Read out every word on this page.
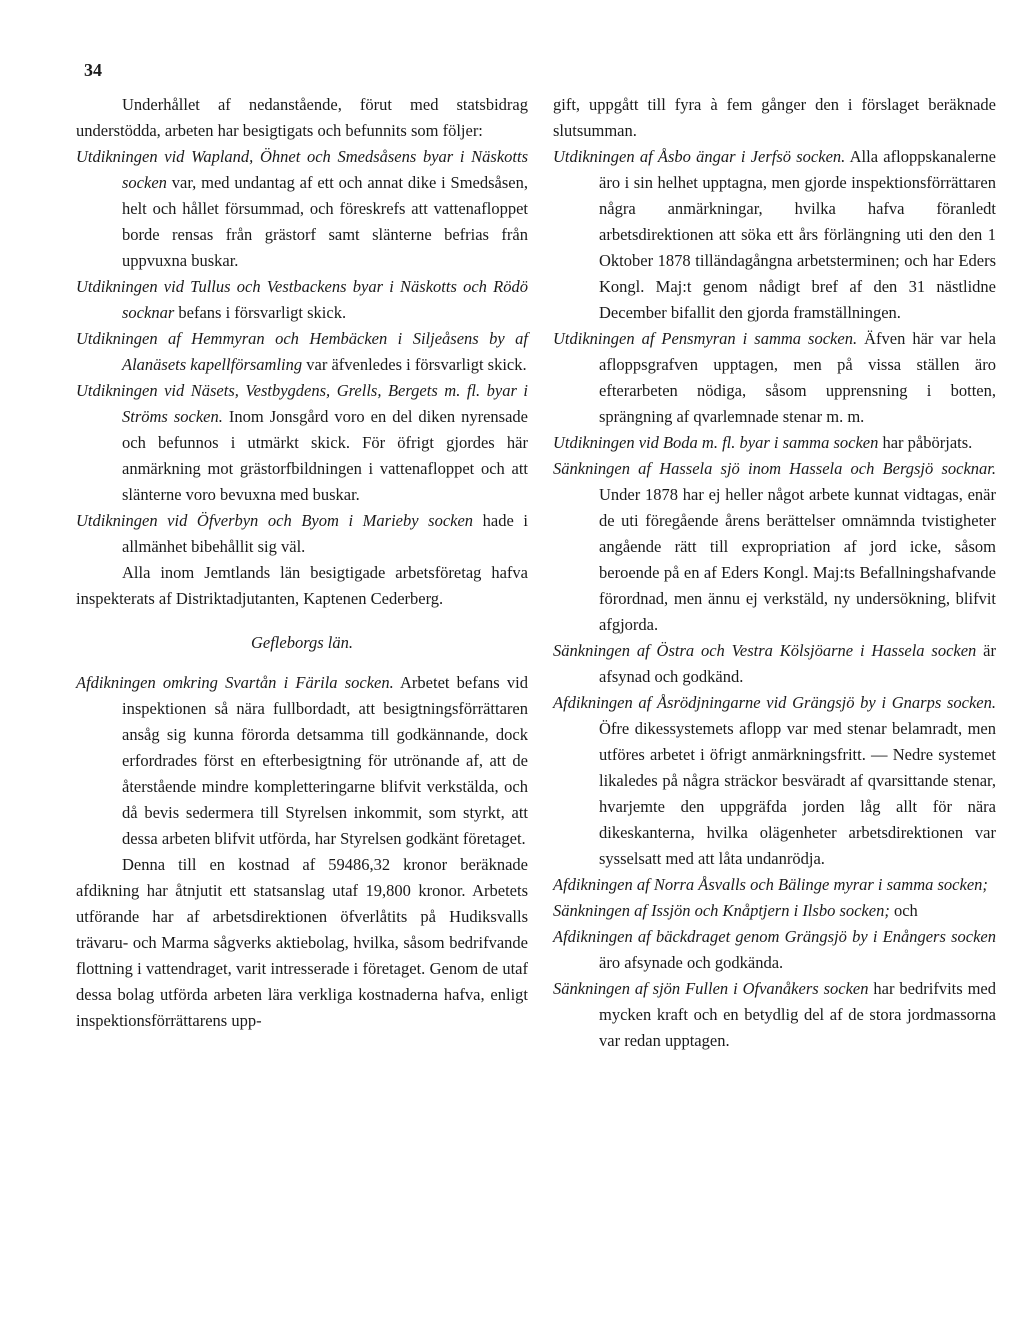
34

Underhållet af nedanstående, förut med statsbidrag understödda, arbeten har besigtigats och befunnits som följer:

Utdikningen vid Wapland, Öhnet och Smedsåsens byar i Näskotts socken var, med undantag af ett och annat dike i Smedsåsen, helt och hållet försummad, och föreskrefs att vattenafloppet borde rensas från grästorf samt slänterne befrias från uppvuxna buskar.

Utdikningen vid Tullus och Vestbackens byar i Näskotts och Rödö socknar befans i försvarligt skick.

Utdikningen af Hemmyran och Hembäcken i Siljeåsens by af Alanäsets kapellförsamling var äfvenledes i försvarligt skick.

Utdikningen vid Näsets, Vestbygdens, Grells, Bergets m. fl. byar i Ströms socken. Inom Jonsgård voro en del diken nyrensade och befunnos i utmärkt skick. För öfrigt gjordes här anmärkning mot grästorfbildningen i vattenafloppet och att slänterne voro bevuxna med buskar.

Utdikningen vid Öfverbyn och Byom i Marieby socken hade i allmänhet bibehållit sig väl.

Alla inom Jemtlands län besigtigade arbetsföretag hafva inspekterats af Distriktadjutanten, Kaptenen Cederberg.

Gefleborgs län.

Afdikningen omkring Svartån i Färila socken. Arbetet befans vid inspektionen så nära fullbordadt, att besigtningsförrättaren ansåg sig kunna förorda detsamma till godkännande, dock erfordrades först en efterbesigtning för utrönande af, att de återstående mindre kompletteringarne blifvit verkstälda, och då bevis sedermera till Styrelsen inkommit, som styrkt, att dessa arbeten blifvit utförda, har Styrelsen godkänt företaget.

Denna till en kostnad af 59486,32 kronor beräknade afdikning har åtnjutit ett statsanslag utaf 19,800 kronor. Arbetets utförande har af arbetsdirektionen öfverlåtits på Hudiksvalls trävaru- och Marma sågverks aktiebolag, hvilka, såsom bedrifvande flottning i vattendraget, varit intresserade i företaget. Genom de utaf dessa bolag utförda arbeten lära verkliga kostnaderna hafva, enligt inspektionsförrättarens upp-

gift, uppgått till fyra à fem gånger den i förslaget beräknade slutsumman.

Utdikningen af Åsbo ängar i Jerfsö socken. Alla afloppskanalerne äro i sin helhet upptagna, men gjorde inspektionsförrättaren några anmärkningar, hvilka hafva föranledt arbetsdirektionen att söka ett års förlängning uti den den 1 Oktober 1878 tilländagångna arbetsterminen; och har Eders Kongl. Maj:t genom nådigt bref af den 31 nästlidne December bifallit den gjorda framställningen.

Utdikningen af Pensmyran i samma socken. Äfven här var hela afloppsgrafven upptagen, men på vissa ställen äro efterarbeten nödiga, såsom upprensning i botten, sprängning af qvarlemnade stenar m. m.

Utdikningen vid Boda m. fl. byar i samma socken har påbörjats.

Sänkningen af Hassela sjö inom Hassela och Bergsjö socknar. Under 1878 har ej heller något arbete kunnat vidtagas, enär de uti föregående årens berättelser omnämnda tvistigheter angående rätt till expropriation af jord icke, såsom beroende på en af Eders Kongl. Maj:ts Befallningshafvande förordnad, men ännu ej verkstäld, ny undersökning, blifvit afgjorda.

Sänkningen af Östra och Vestra Kölsjöarne i Hassela socken är afsynad och godkänd.

Afdikningen af Åsrödjningarne vid Grängsjö by i Gnarps socken. Öfre dikessystemets aflopp var med stenar belamradt, men utföres arbetet i öfrigt anmärkningsfritt. — Nedre systemet likaledes på några sträckor besväradt af qvarsittande stenar, hvarjemte den uppgräfda jorden låg allt för nära dikeskanterna, hvilka olägenheter arbetsdirektionen var sysselsatt med att låta undanrödja.

Afdikningen af Norra Åsvalls och Bälinge myrar i samma socken;

Sänkningen af Issjön och Knåptjern i Ilsbo socken; och

Afdikningen af bäckdraget genom Grängsjö by i Enångers socken äro afsynade och godkända.

Sänkningen af sjön Fullen i Ofvanåkers socken har bedrifvits med mycken kraft och en betydlig del af de stora jordmassorna var redan upptagen.
